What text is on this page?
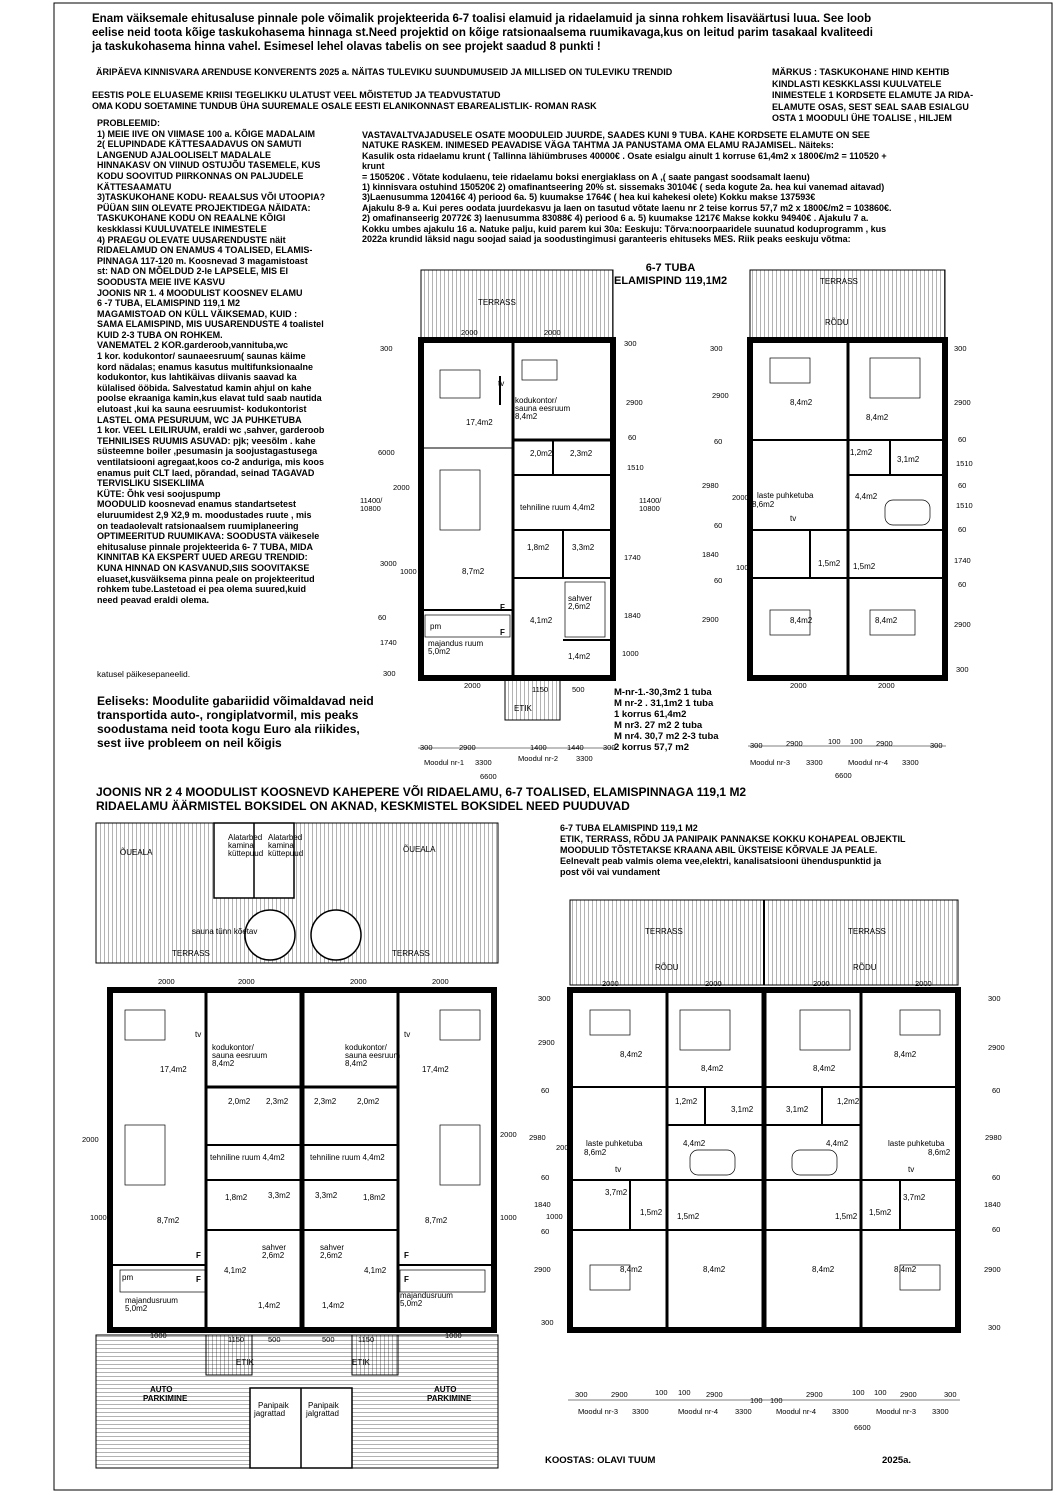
Enam väiksemale ehitusaluse pinnale pole võimalik projekteerida 6-7 toalisi elamuid ja ridaelamuid ja sinna rohkem lisaväärtusi luua. See loob
eelise neid toota kõige taskukohasema hinnaga st.Need projektid on kõige ratsionaalsema ruumikavaga,kus on leitud parim tasakaal kvaliteedi
ja taskukohasema hinna vahel. Esimesel lehel olavas tabelis on see projekt saadud 8 punkti !
ÄRIPÄEVA KINNISVARA ARENDUSE KONVERENTS 2025 a. NÄITAS TULEVIKU SUUNDUMUSEID JA MILLISED ON TULEVIKU TRENDID
EESTIS POLE ELUASEME KRIISI TEGELIKKU ULATUST VEEL MÕISTETUD JA TEADVUSTATUD
OMA KODU SOETAMINE TUNDUB ÜHA SUUREMALE OSALE EESTI ELANIKONNAST EBAREALISTLIK- ROMAN RASK
MÄRKUS : TASKUKOHANE HIND KEHTIB
KINDLASTI KESKKLASSI KUULVATELE
INIMESTELE 1 KORDSETE ELAMUTE JA RIDA-
ELAMUTE OSAS, SEST SEAL SAAB ESIALGU
OSTA 1 MOODULI ÜHE TOALISE , HILJEM
PROBLEEMID:
1) MEIE IIVE ON VIIMASE 100 a. KÕIGE MADALAIM
2( ELUPINDADE KÄTTESAADAVUS ON SAMUTI
LANGENUD AJALOOLISELT MADALALE
HINNAKASV ON VIINUD OSTUJÕU TASEMELE, KUS
KODU SOOVITUD PIIRKONNAS ON PALJUDELE
KÄTTESAAMATU
3)TASKUKOHANE KODU- REAALSUS VÕI UTOOPIA?
PÜÜAN SIIN OLEVATE PROJEKTIDEGA NÄIDATA:
TASKUKOHANE KODU ON REAALNE KÕIGI
keskklassi KUULUVATELE INIMESTELE
4) PRAEGU OLEVATE UUSARENDUSTE näit
RIDAELAMUD ON ENAMUS 4 TOALISED, ELAMIS-
PINNAGA 117-120 m. Koosnevad 3 magamistoast
st: NAD ON MÕELDUD 2-le LAPSELE, MIS EI
SOODUSTA MEIE IIVE KASVU
JOONIS NR 1. 4 MOODULIST KOOSNEV ELAMU
6 -7 TUBA, ELAMISPIND 119,1 M2
MAGAMISTOAD ON KÜLL VÄIKSEMAD, KUID :
SAMA ELAMISPIND, MIS UUSARENDUSTE 4 toalistel
KUID 2-3 TUBA ON ROHKEM.
VANEMATEL 2 KOR.garderoob,vannituba,wc
1 kor. kodukontor/ saunaeesruum( saunas käime
kord nädalas; enamus kasutus multifunksionaalne
kodukontor, kus lahtikäivas diivanis saavad ka
külalised ööbida. Salvestatud kamin ahjul on kahe
poolse ekraaniga kamin,kus elavat tuld saab nautida
elutoast ,kui ka sauna eesruumist- kodukontorist
LASTEL OMA PESURUUM, WC JA PUHKETUBA
1 kor. VEEL LEILIRUUM, eraldi wc ,sahver, garderoob
TEHNILISES RUUMIS ASUVAD: pjk; veesõlm . kahe
süsteemne boiler ,pesumasin ja soojustagastusega
ventilatsiooni agregaat,koos co-2 anduriga, mis koos
enamus puit CLT laed, põrandad, seinad TAGAVAD
TERVISLIKU SISEKLIIMA
KÜTE: Õhk vesi soojuspump
MOODULID koosnevad enamus standartsetest
eluruumidest 2,9 X2,9 m. moodustades ruute , mis
on teadaolevalt ratsionaalsem ruumiplaneering
OPTIMEERITUD RUUMIKAVA: SOODUSTA väikesele
ehitusaluse pinnale projekteerida 6- 7 TUBA, MIDA
KINNITAB KA EKSPERT UUED AREGU TRENDID:
KUNA HINNAD ON KASVANUD,SIIS SOOVITAKSE
eluaset,kusväiksema pinna peale on projekteeritud
rohkem tube.Lastetoad ei pea olema suured,kuid
need peavad eraldi olema.
katusel päikesepaneelid.
Eeliseks: Moodulite gabariidid võimaldavad neid
transportida auto-, rongiplatvormil, mis peaks
soodustama neid toota kogu Euro ala riikides,
sest iive probleem on neil kõigis
VASTAVALTVAJADUSELE OSATE MOODULEID JUURDE, SAADES KUNI 9 TUBA. KAHE KORDSETE ELAMUTE ON SEE
NATUKE RASKEM. INIMESED PEAVADISE VÄGA TAHTMA JA PANUSTAMA OMA ELAMU RAJAMISEL. Näiteks:
Kasulik osta ridaelamu krunt ( Tallinna lähiümbruses 40000€ . Osate esialgu ainult 1 korruse 61,4m2 x 1800€/m2 = 110520 +
krunt
= 150520€ . Võtate kodulaenu, teie ridaelamu boksi energiaklass on A ,( saate pangast soodsamalt laenu)
1) kinnisvara ostuhind 150520€ 2) omafinantseering 20% st. sissemaks 30104€ ( seda kogute 2a. hea kui vanemad aitavad)
3)Laenusumma 120416€ 4) periood 6a. 5) kuumakse 1764€ ( hea kui kahekesi olete) Kokku makse 137593€
Ajakulu 8-9 a. Kui peres oodata juurdekasvu ja laen on tasutud võtate laenu nr 2 teise korrus 57,7 m2 x 1800€/m2 = 103860€.
2) omafinanseerig 20772€ 3) laenusumma 83088€ 4) periood 6 a. 5) kuumakse 1217€ Makse kokku 94940€ . Ajakulu 7 a.
Kokku umbes ajakulu 16 a. Natuke palju, kuid parem kui 30a: Eeskuju: Tõrva:noorpaaridele suunatud koduprogramm , kus
2022a krundid läksid nagu soojad saiad ja soodustingimusi garanteeris ehituseks MES. Riik peaks eeskuju võtma:
6-7 TUBA
ELAMISPIND 119,1M2
M-nr-1.-30,3m2 1 tuba
M nr-2 . 31,1m2 1 tuba
1 korrus 61,4m2
M nr3. 27 m2 2 tuba
M nr4. 30,7 m2 2-3 tuba
2 korrus 57,7 m2
JOONIS NR 2 4 MOODULIST KOOSNEVD KAHEPERE VÕI RIDAELAMU, 6-7 TOALISED, ELAMISPINNAGA 119,1 M2
RIDAELAMU ÄÄRMISTEL BOKSIDEL ON AKNAD, KESKMISTEL BOKSIDEL NEED PUUDUVAD
6-7 TUBA ELAMISPIND 119,1 M2
ETIK, TERRASS, RÕDU JA PANIPAIK PANNAKSE KOKKU KOHAPEAL OBJEKTIL
MOODULID TÕSTETAKSE KRAANA ABIL ÜKSTEISE KÕRVALE JA PEALE.
Eelnevalt peab valmis olema vee,elektri, kanalisatsiooni ühenduspunktid ja
post või vai vundament
KOOSTAS: OLAVI TUUM	2025a.
TERRASS
tv
kodukontor/ sauna eesruum 8,4m2
17,4m2
2,0m2 2,3m2
tehniline ruum 4,4m2
1,8m2	3,3m2
8,7m2
sahver 2,6m2
4,1m2
majandus ruum 5,0m2
1,4m2
F
F
pm
ETIK
2000	2000
300
300
2900
60
1510
6000
2000
11400/ 10800
11400/ 10800
3000
1000
1740
1840
60
1740
1000
300
2000	1150	500
300	2900	1400	1440	300
Moodul nr-1 3300	Moodul nr-2 3300
6600
TERRASS
RÕDU
8,4m2
8,4m2
1,2m2
3,1m2
4,4m2
laste puhketuba 8,6m2
tv
1,5m2 1,5m2
8,4m2	8,4m2
300	300
2900
2900
60	60
1510
2980
2000
60
1510
60	60
1840
1740
1000
60	60
2900
2900
300
2000	2000
300	2900	100 100 2900	300
Moodul nr-3 3300	Moodul nr-4 3300
6600
Alatarbed kamina küttepuud
Alatarbed kamina küttepuud
ÕUEALA	ÕUEALA
sauna tünn kõetav
TERRASS	TERRASS
tv	tv
kodukontor/ sauna eesruum 8,4m2
kodukontor/ sauna eesruum 8,4m2
17,4m2	17,4m2
2,0m2 2,3m2	2,3m2	2,0m2
tehniline ruum 4,4m2	tehniline ruum 4,4m2
1,8m2	3,3m2	3,3m2	1,8m2
8,7m2	8,7m2
sahver 2,6m2
sahver 2,6m2
4,1m2	4,1m2
F
F
F
F
pm
majandusruum 5,0m2
majandusruum 5,0m2
1,4m2	1,4m2
ETIK	ETIK
AUTO PARKIMINE
AUTO PARKIMINE
Panipaik jagrattad
Panipaik jalgrattad
2000	2000	2000	2000
2000
2000
1000	1000
1000	1150	500	500	1150	1000
TERRASS	TERRASS
RÕDU	RÕDU
8,4m2
8,4m2	8,4m2
8,4m2
1,2m2
3,1m2	3,1m2
1,2m2
4,4m2	4,4m2
laste puhketuba 8,6m2
laste puhketuba 8,6m2
tv	tv
3,7m2
3,7m2
1,5m2 1,5m2	1,5m2 1,5m2
8,4m2	8,4m2	8,4m2	8,4m2
300	300
2900
2900
60	60
2980
2000
2980
60	60
1840	1840
1000
60	60
2900	2900
300
300
2000	2000	2000	2000
300	2900	100 100 2900
100 100
2900	100 100 2900	300
Moodul nr-3 3300	Moodul nr-4 3300	Moodul nr-4 3300	Moodul nr-3 3300
6600
